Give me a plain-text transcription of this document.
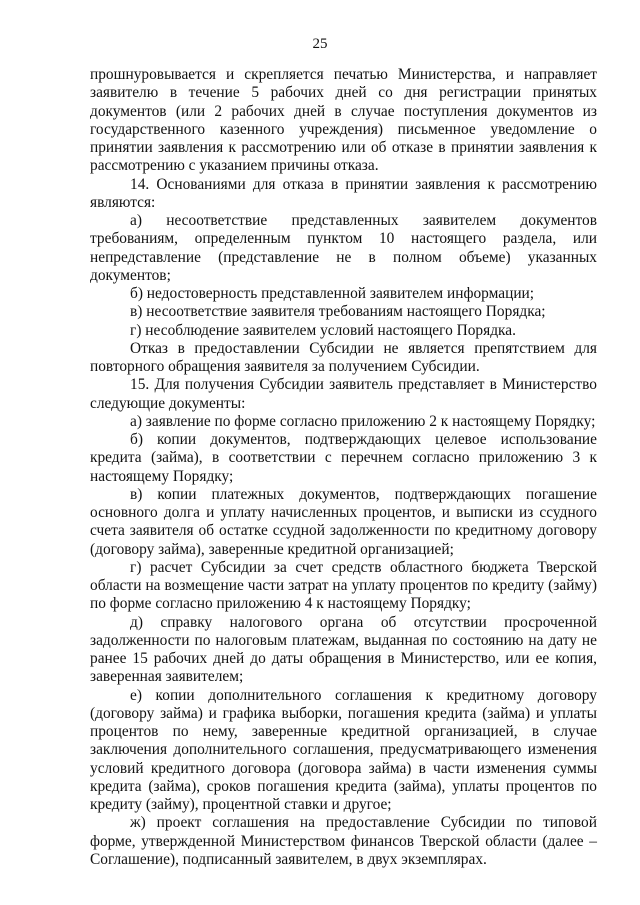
25

прошнуровывается и скрепляется печатью Министерства, и направляет заявителю в течение 5 рабочих дней со дня регистрации принятых документов (или 2 рабочих дней в случае поступления документов из государственного казенного учреждения) письменное уведомление о принятии заявления к рассмотрению или об отказе в принятии заявления к рассмотрению с указанием причины отказа.

14. Основаниями для отказа в принятии заявления к рассмотрению являются:

а) несоответствие представленных заявителем документов требованиям, определенным пунктом 10 настоящего раздела, или непредставление (представление не в полном объеме) указанных документов;

б) недостоверность представленной заявителем информации;

в) несоответствие заявителя требованиям настоящего Порядка;

г) несоблюдение заявителем условий настоящего Порядка.

Отказ в предоставлении Субсидии не является препятствием для повторного обращения заявителя за получением Субсидии.

15. Для получения Субсидии заявитель представляет в Министерство следующие документы:

а) заявление по форме согласно приложению 2 к настоящему Порядку;

б) копии документов, подтверждающих целевое использование кредита (займа), в соответствии с перечнем согласно приложению 3 к настоящему Порядку;

в) копии платежных документов, подтверждающих погашение основного долга и уплату начисленных процентов, и выписки из ссудного счета заявителя об остатке ссудной задолженности по кредитному договору (договору займа), заверенные кредитной организацией;

г) расчет Субсидии за счет средств областного бюджета Тверской области на возмещение части затрат на уплату процентов по кредиту (займу) по форме согласно приложению 4 к настоящему Порядку;

д) справку налогового органа об отсутствии просроченной задолженности по налоговым платежам, выданная по состоянию на дату не ранее 15 рабочих дней до даты обращения в Министерство, или ее копия, заверенная заявителем;

е) копии дополнительного соглашения к кредитному договору (договору займа) и графика выборки, погашения кредита (займа) и уплаты процентов по нему, заверенные кредитной организацией, в случае заключения дополнительного соглашения, предусматривающего изменения условий кредитного договора (договора займа) в части изменения суммы кредита (займа), сроков погашения кредита (займа), уплаты процентов по кредиту (займу), процентной ставки и другое;

ж) проект соглашения на предоставление Субсидии по типовой форме, утвержденной Министерством финансов Тверской области (далее – Соглашение), подписанный заявителем, в двух экземплярах.
